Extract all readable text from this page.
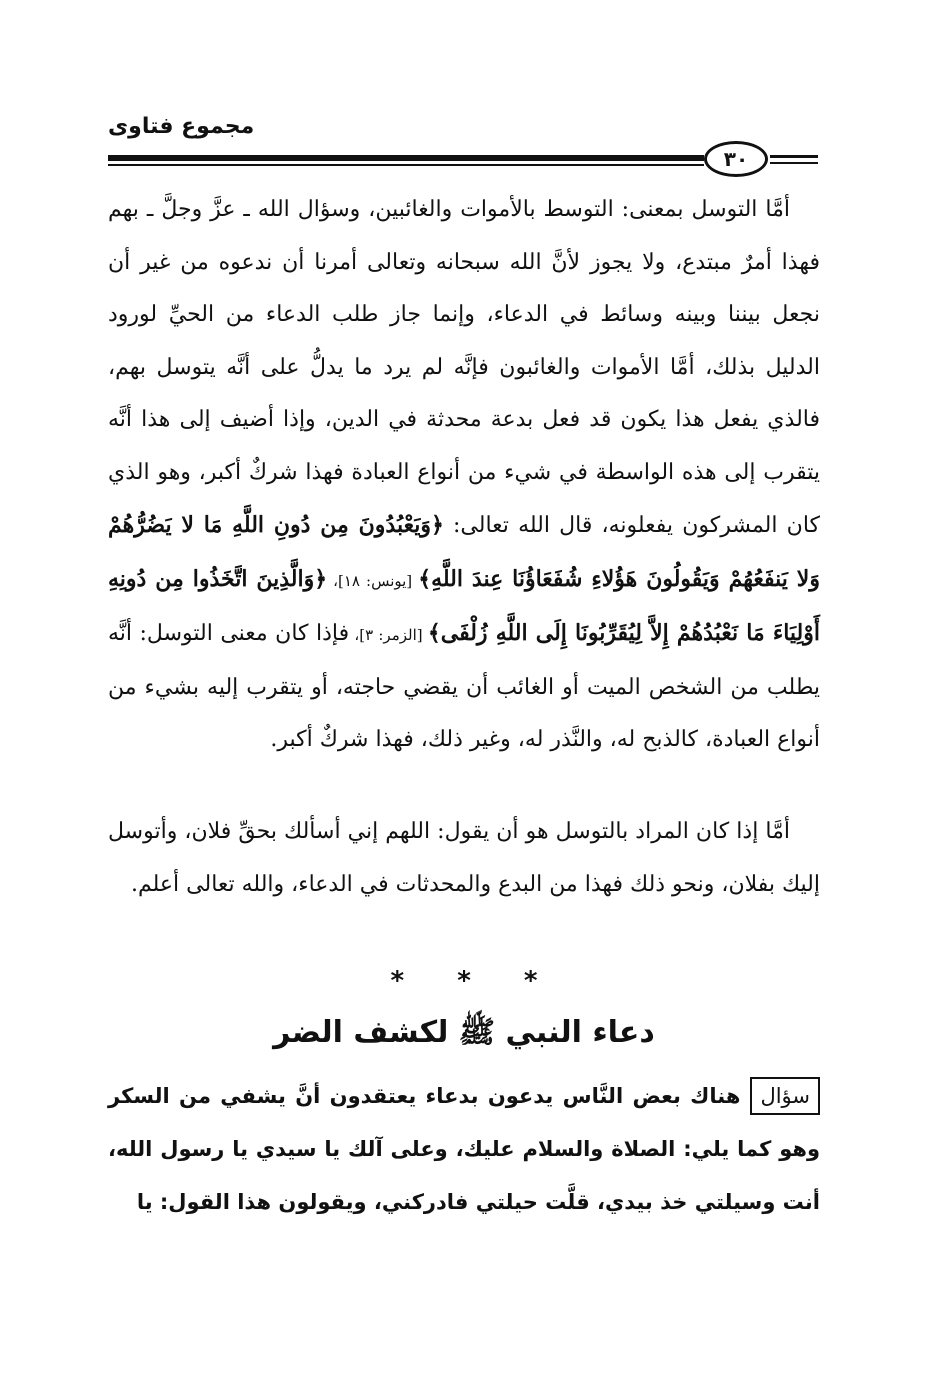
مجموع فتاوى
٣٠

أمَّا التوسل بمعنى: التوسط بالأموات والغائبين، وسؤال الله ـ عزَّ وجلَّ ـ بهم فهذا أمرٌ مبتدع، ولا يجوز لأنَّ الله سبحانه وتعالى أمرنا أن ندعوه من غير أن نجعل بيننا وبينه وسائط في الدعاء، وإنما جاز طلب الدعاء من الحيِّ لورود الدليل بذلك، أمَّا الأموات والغائبون فإنَّه لم يرد ما يدلُّ على أنَّه يتوسل بهم، فالذي يفعل هذا يكون قد فعل بدعة محدثة في الدين، وإذا أضيف إلى هذا أنَّه يتقرب إلى هذه الواسطة في شيء من أنواع العبادة فهذا شركٌ أكبر، وهو الذي كان المشركون يفعلونه، قال الله تعالى: ﴿وَيَعْبُدُونَ مِن دُونِ اللَّهِ مَا لا يَضُرُّهُمْ وَلا يَنفَعُهُمْ وَيَقُولُونَ هَؤُلاءِ شُفَعَاؤُنَا عِندَ اللَّهِ﴾ [يونس: ١٨]، ﴿وَالَّذِينَ اتَّخَذُوا مِن دُونِهِ أَوْلِيَاءَ مَا نَعْبُدُهُمْ إِلاَّ لِيُقَرِّبُونَا إِلَى اللَّهِ زُلْفَى﴾ [الزمر: ٣]، فإذا كان معنى التوسل: أنَّه يطلب من الشخص الميت أو الغائب أن يقضي حاجته، أو يتقرب إليه بشيء من أنواع العبادة، كالذبح له، والنَّذر له، وغير ذلك، فهذا شركٌ أكبر.

أمَّا إذا كان المراد بالتوسل هو أن يقول: اللهم إني أسألك بحقِّ فلان، وأتوسل إليك بفلان، ونحو ذلك فهذا من البدع والمحدثات في الدعاء، والله تعالى أعلم.

* * *
دعاء النبي ﷺ لكشف الضر
سؤالهناك بعض النَّاس يدعون بدعاء يعتقدون أنَّ يشفي من السكر وهو كما يلي: الصلاة والسلام عليك، وعلى آلك يا سيدي يا رسول الله، أنت وسيلتي خذ بيدي، قلَّت حيلتي فادركني، ويقولون هذا القول: يا
